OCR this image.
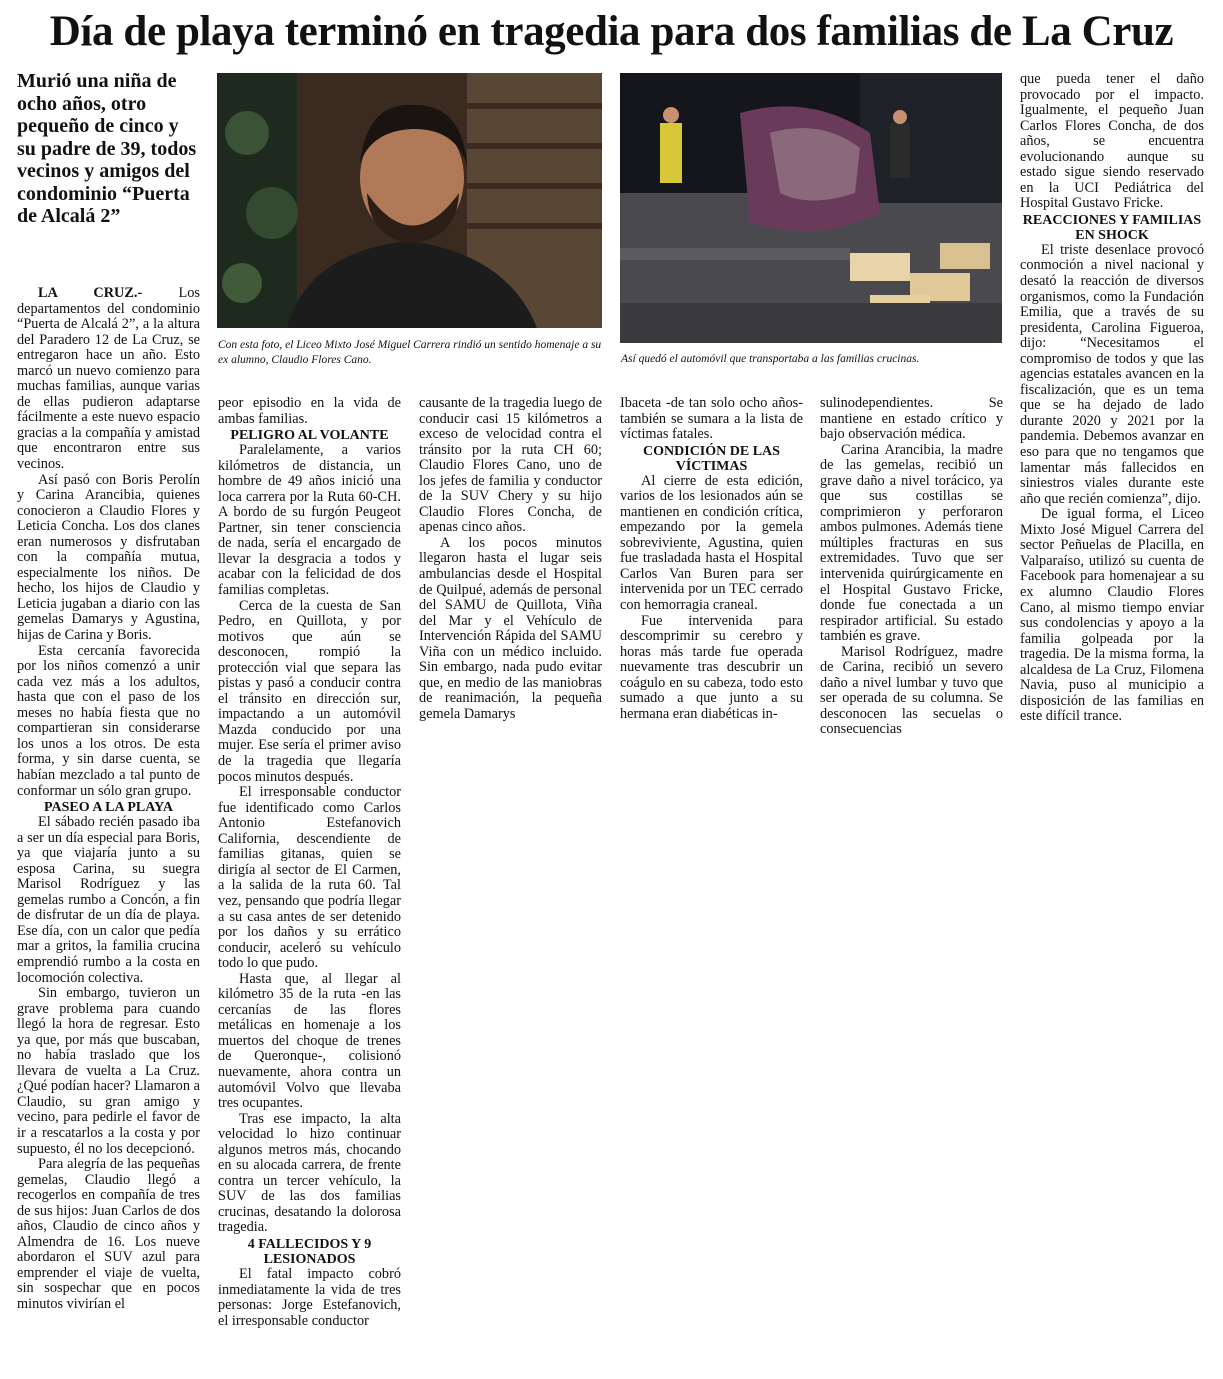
Día de playa terminó en tragedia para dos familias de La Cruz
Murió una niña de ocho años, otro pequeño de cinco y su padre de 39, todos vecinos y amigos del condominio “Puerta de Alcalá 2”
Con esta foto, el Liceo Mixto José Miguel Carrera rindió un sentido homenaje a su ex alumno, Claudio Flores Cano.	Así quedó el automóvil que transportaba a las familias crucinas.

LA CRUZ.- Los departamentos del condominio “Puerta de Alcalá 2”, a la altura del Paradero 12 de La Cruz, se entregaron hace un año. Esto marcó un nuevo comienzo para muchas familias, aunque varias de ellas pudieron adaptarse fácilmente a este nuevo espacio gracias a la compañía y amistad que encontraron entre sus vecinos.

Así pasó con Boris Perolín y Carina Arancibia, quienes conocieron a Claudio Flores y Leticia Concha. Los dos clanes eran numerosos y disfrutaban con la compañía mutua, especialmente los niños. De hecho, los hijos de Claudio y Leticia jugaban a diario con las gemelas Damarys y Agustina, hijas de Carina y Boris.

Esta cercanía favorecida por los niños comenzó a unir cada vez más a los adultos, hasta que con el paso de los meses no había fiesta que no compartieran sin considerarse los unos a los otros. De esta forma, y sin darse cuenta, se habían mezclado a tal punto de conformar un sólo gran grupo.

PASEO A LA PLAYA

El sábado recién pasado iba a ser un día especial para Boris, ya que viajaría junto a su esposa Carina, su suegra Marisol Rodríguez y las gemelas rumbo a Concón, a fin de disfrutar de un día de playa. Ese día, con un calor que pedía mar a gritos, la familia crucina emprendió rumbo a la costa en locomoción colectiva.

Sin embargo, tuvieron un grave problema para cuando llegó la hora de regresar. Esto ya que, por más que buscaban, no había traslado que los llevara de vuelta a La Cruz. ¿Qué podían hacer? Llamaron a Claudio, su gran amigo y vecino, para pedirle el favor de ir a rescatarlos a la costa y por supuesto, él no los decepcionó.

Para alegría de las pequeñas gemelas, Claudio llegó a recogerlos en compañía de tres de sus hijos: Juan Carlos de dos años, Claudio de cinco años y Almendra de 16. Los nueve abordaron el SUV azul para emprender el viaje de vuelta, sin sospechar que en pocos minutos vivirían el

peor episodio en la vida de ambas familias.

PELIGRO AL VOLANTE

Paralelamente, a varios kilómetros de distancia, un hombre de 49 años inició una loca carrera por la Ruta 60-CH. A bordo de su furgón Peugeot Partner, sin tener consciencia de nada, sería el encargado de llevar la desgracia a todos y acabar con la felicidad de dos familias completas.

Cerca de la cuesta de San Pedro, en Quillota, y por motivos que aún se desconocen, rompió la protección vial que separa las pistas y pasó a conducir contra el tránsito en dirección sur, impactando a un automóvil Mazda conducido por una mujer. Ese sería el primer aviso de la tragedia que llegaría pocos minutos después.

El irresponsable conductor fue identificado como Carlos Antonio Estefanovich California, descendiente de familias gitanas, quien se dirigía al sector de El Carmen, a la salida de la ruta 60. Tal vez, pensando que podría llegar a su casa antes de ser detenido por los daños y su errático conducir, aceleró su vehículo todo lo que pudo.

Hasta que, al llegar al kilómetro 35 de la ruta -en las cercanías de las flores metálicas en homenaje a los muertos del choque de trenes de Queronque-, colisionó nuevamente, ahora contra un automóvil Volvo que llevaba tres ocupantes.

Tras ese impacto, la alta velocidad lo hizo continuar algunos metros más, chocando en su alocada carrera, de frente contra un tercer vehículo, la SUV de las dos familias crucinas, desatando la dolorosa tragedia.

4 FALLECIDOS Y 9 LESIONADOS

El fatal impacto cobró inmediatamente la vida de tres personas: Jorge Estefanovich, el irresponsable conductor

causante de la tragedia luego de conducir casi 15 kilómetros a exceso de velocidad contra el tránsito por la ruta CH 60; Claudio Flores Cano, uno de los jefes de familia y conductor de la SUV Chery y su hijo Claudio Flores Concha, de apenas cinco años.

A los pocos minutos llegaron hasta el lugar seis ambulancias desde el Hospital de Quilpué, además de personal del SAMU de Quillota, Viña del Mar y el Vehículo de Intervención Rápida del SAMU Viña con un médico incluido. Sin embargo, nada pudo evitar que, en medio de las maniobras de reanimación, la pequeña gemela Damarys

Ibaceta -de tan solo ocho años- también se sumara a la lista de víctimas fatales.

CONDICIÓN DE LAS VÍCTIMAS

Al cierre de esta edición, varios de los lesionados aún se mantienen en condición crítica, empezando por la gemela sobreviviente, Agustina, quien fue trasladada hasta el Hospital Carlos Van Buren para ser intervenida por un TEC cerrado con hemorragia craneal.

Fue intervenida para descomprimir su cerebro y horas más tarde fue operada nuevamente tras descubrir un coágulo en su cabeza, todo esto sumado a que junto a su hermana eran diabéticas in-

sulinodependientes. Se mantiene en estado crítico y bajo observación médica.

Carina Arancibia, la madre de las gemelas, recibió un grave daño a nivel torácico, ya que sus costillas se comprimieron y perforaron ambos pulmones. Además tiene múltiples fracturas en sus extremidades. Tuvo que ser intervenida quirúrgicamente en el Hospital Gustavo Fricke, donde fue conectada a un respirador artificial. Su estado también es grave.

Marisol Rodríguez, madre de Carina, recibió un severo daño a nivel lumbar y tuvo que ser operada de su columna. Se desconocen las secuelas o consecuencias

que pueda tener el daño provocado por el impacto. Igualmente, el pequeño Juan Carlos Flores Concha, de dos años, se encuentra evolucionando aunque su estado sigue siendo reservado en la UCI Pediátrica del Hospital Gustavo Fricke.

REACCIONES Y FAMILIAS EN SHOCK

El triste desenlace provocó conmoción a nivel nacional y desató la reacción de diversos organismos, como la Fundación Emilia, que a través de su presidenta, Carolina Figueroa, dijo: “Necesitamos el compromiso de todos y que las agencias estatales avancen en la fiscalización, que es un tema que se ha dejado de lado durante 2020 y 2021 por la pandemia. Debemos avanzar en eso para que no tengamos que lamentar más fallecidos en siniestros viales durante este año que recién comienza”, dijo.

De igual forma, el Liceo Mixto José Miguel Carrera del sector Peñuelas de Placilla, en Valparaíso, utilizó su cuenta de Facebook para homenajear a su ex alumno Claudio Flores Cano, al mismo tiempo enviar sus condolencias y apoyo a la familia golpeada por la tragedia. De la misma forma, la alcaldesa de La Cruz, Filomena Navia, puso al municipio a disposición de las familias en este difícil trance.
